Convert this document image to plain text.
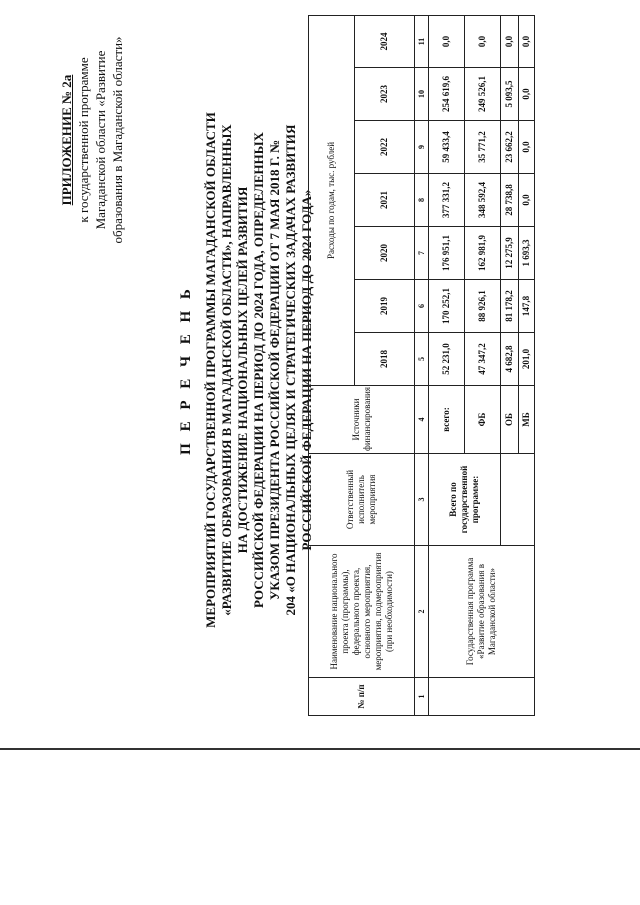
ПРИЛОЖЕНИЕ № 2а к государственной программе Магаданской области «Развитие образования в Магаданской области»
П Е Р Е Ч Е Н Ь МЕРОПРИЯТИЙ ГОСУДАРСТВЕННОЙ ПРОГРАММЫ МАГАДАНСКОЙ ОБЛАСТИ «РАЗВИТИЕ ОБРАЗОВАНИЯ В МАГАДАНСКОЙ ОБЛАСТИ», НАПРАВЛЕННЫХ НА ДОСТИЖЕНИЕ НАЦИОНАЛЬНЫХ ЦЕЛЕЙ РАЗВИТИЯ РОССИЙСКОЙ ФЕДЕРАЦИИ НА ПЕРИОД ДО 2024 ГОДА, ОПРЕДЕЛЕННЫХ УКАЗОМ ПРЕЗИДЕНТА РОССИЙСКОЙ ФЕДЕРАЦИИ ОТ 7 МАЯ 2018 Г. № 204 «О НАЦИОНАЛЬНЫХ ЦЕЛЯХ И СТРАТЕГИЧЕСКИХ ЗАДАЧАХ РАЗВИТИЯ РОССИЙСКОЙ ФЕДЕРАЦИИ НА ПЕРИОД ДО 2024 ГОДА»
№ п/п	Наименование национального проекта (программы), федерального проекта, основного мероприятия, мероприятия, подмероприятия (при необходимости)	Ответственный исполнитель мероприятия	Источники финансирования	Расходы по годам, тыс. рублей						
				2018	2019	2020	2021	2022	2023	2024
1	2	3	4	5	6	7	8	9	10	11
	Государственная программа «Развитие образования в Магаданской области»	Всего по государственной программе:	всего:	52 231,0	170 252,1	176 951,1	377 331,2	59 433,4	254 619,6	0,0
			ФБ	47 347,2	88 926,1	162 981,9	348 592,4	35 771,2	249 526,1	0,0
			ОБ	4 682,8	81 178,2	12 275,9	28 738,8	23 662,2	5 093,5	0,0
			МБ	201,0	147,8	1 693,3	0,0	0,0	0,0	0,0
